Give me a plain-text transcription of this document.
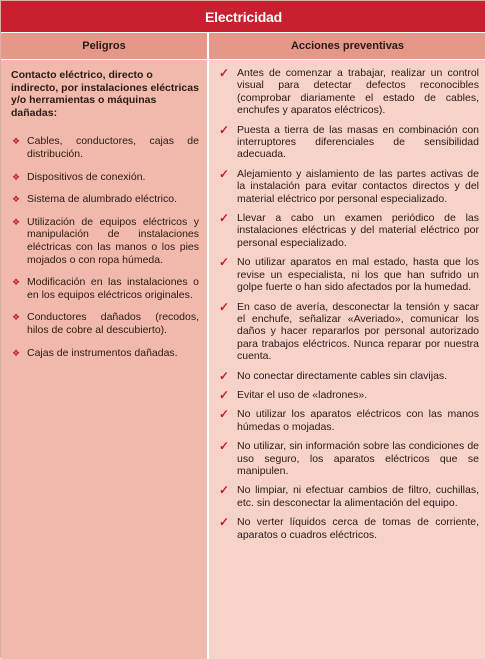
Electricidad
Peligros	Acciones preventivas
Contacto eléctrico, directo o indirecto, por instalaciones eléctricas y/o herramientas o máquinas dañadas:
❖ Cables, conductores, cajas de distribución.
❖ Dispositivos de conexión.
❖ Sistema de alumbrado eléctrico.
❖ Utilización de equipos eléctricos y manipulación de instalaciones eléctricas con las manos o los pies mojados o con ropa húmeda.
❖ Modificación en las instalaciones o en los equipos eléctricos originales.
❖ Conductores dañados (recodos, hilos de cobre al descubierto).
❖ Cajas de instrumentos dañadas.
✓ Antes de comenzar a trabajar, realizar un control visual para detectar defectos reconocibles (comprobar diariamente el estado de cables, enchufes y aparatos eléctricos).
✓ Puesta a tierra de las masas en combinación con interruptores diferenciales de sensibilidad adecuada.
✓ Alejamiento y aislamiento de las partes activas de la instalación para evitar contactos directos y del material eléctrico por personal especializado.
✓ Llevar a cabo un examen periódico de las instalaciones eléctricas y del material eléctrico por personal especializado.
✓ No utilizar aparatos en mal estado, hasta que los revise un especialista, ni los que han sufrido un golpe fuerte o han sido afectados por la humedad.
✓ En caso de avería, desconectar la tensión y sacar el enchufe, señalizar «Averiado», comunicar los daños y hacer repararlos por personal autorizado para trabajos eléctricos. Nunca reparar por nuestra cuenta.
✓ No conectar directamente cables sin clavijas.
✓ Evitar el uso de «ladrones».
✓ No utilizar los aparatos eléctricos con las manos húmedas o mojadas.
✓ No utilizar, sin información sobre las condiciones de uso seguro, los aparatos eléctricos que se manipulen.
✓ No limpiar, ni efectuar cambios de filtro, cuchillas, etc. sin desconectar la alimentación del equipo.
✓ No verter líquidos cerca de tomas de corriente, aparatos o cuadros eléctricos.
